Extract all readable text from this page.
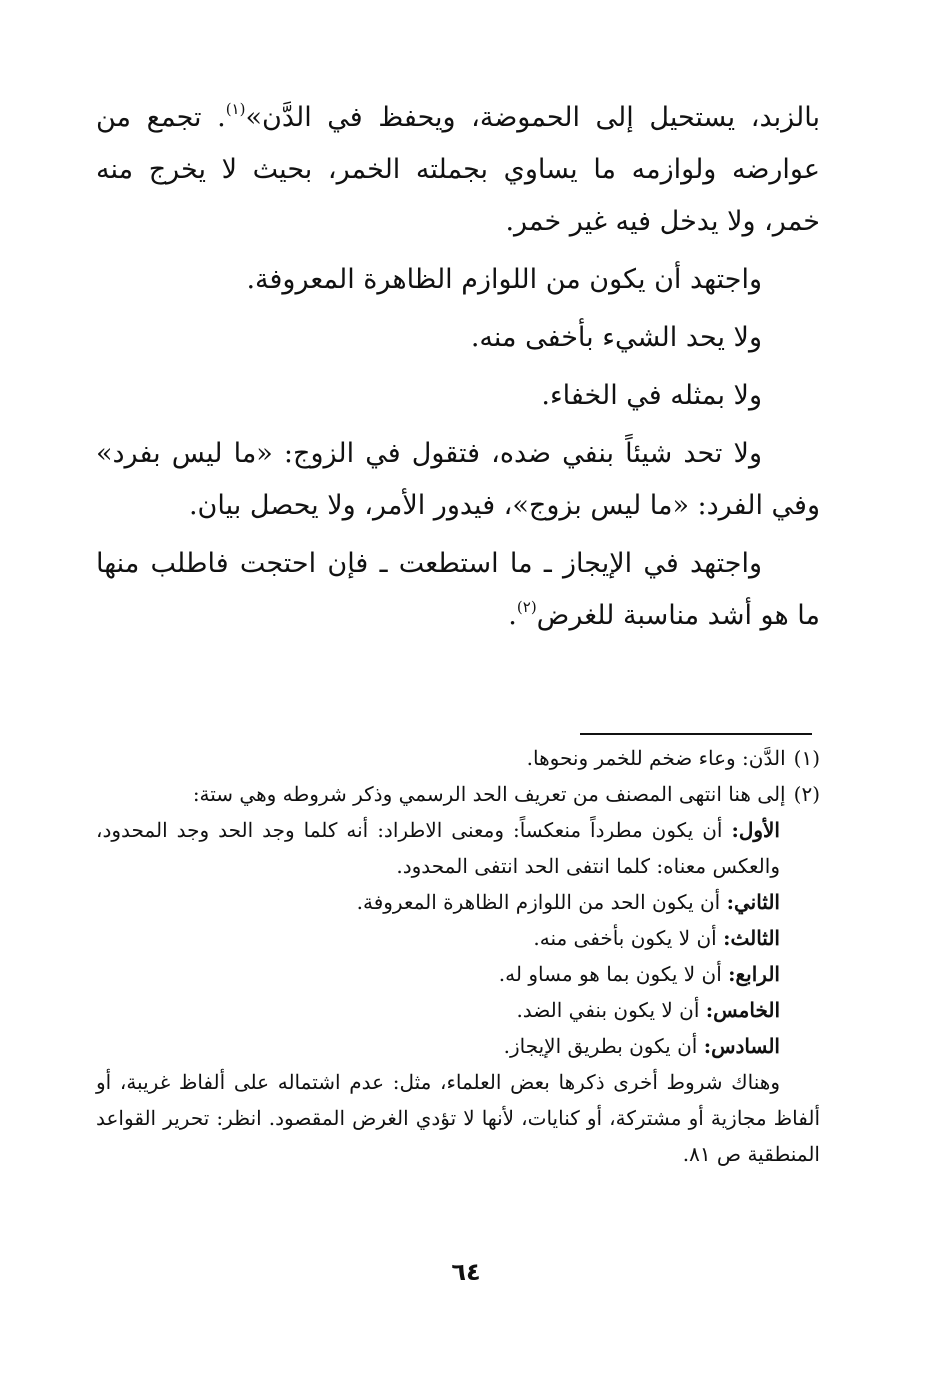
بالزبد، يستحيل إلى الحموضة، ويحفظ في الدَّن»$^{(١)}$. تجمع من عوارضه ولوازمه ما يساوي بجملته الخمر، بحيث لا يخرج منه خمر، ولا يدخل فيه غير خمر.

واجتهد أن يكون من اللوازم الظاهرة المعروفة.

ولا يحد الشيء بأخفى منه.

ولا بمثله في الخفاء.

ولا تحد شيئاً بنفي ضده، فتقول في الزوج: «ما ليس بفرد» وفي الفرد: «ما ليس بزوج»، فيدور الأمر، ولا يحصل بيان.

واجتهد في الإيجاز ـ ما استطعت ـ فإن احتجت فاطلب منها ما هو أشد مناسبة للغرض$^{(٢)}$.

(١)الدَّن: وعاء ضخم للخمر ونحوها.

(٢)إلى هنا انتهى المصنف من تعريف الحد الرسمي وذكر شروطه وهي ستة:

الأول: أن يكون مطرداً منعكساً: ومعنى الاطراد: أنه كلما وجد الحد وجد المحدود، والعكس معناه: كلما انتفى الحد انتفى المحدود.

الثاني: أن يكون الحد من اللوازم الظاهرة المعروفة.

الثالث: أن لا يكون بأخفى منه.

الرابع: أن لا يكون بما هو مساو له.

الخامس: أن لا يكون بنفي الضد.

السادس: أن يكون بطريق الإيجاز.

وهناك شروط أخرى ذكرها بعض العلماء، مثل: عدم اشتماله على ألفاظ غريبة، أو ألفاظ مجازية أو مشتركة، أو كنايات، لأنها لا تؤدي الغرض المقصود. انظر: تحرير القواعد المنطقية ص ٨١.

٦٤
